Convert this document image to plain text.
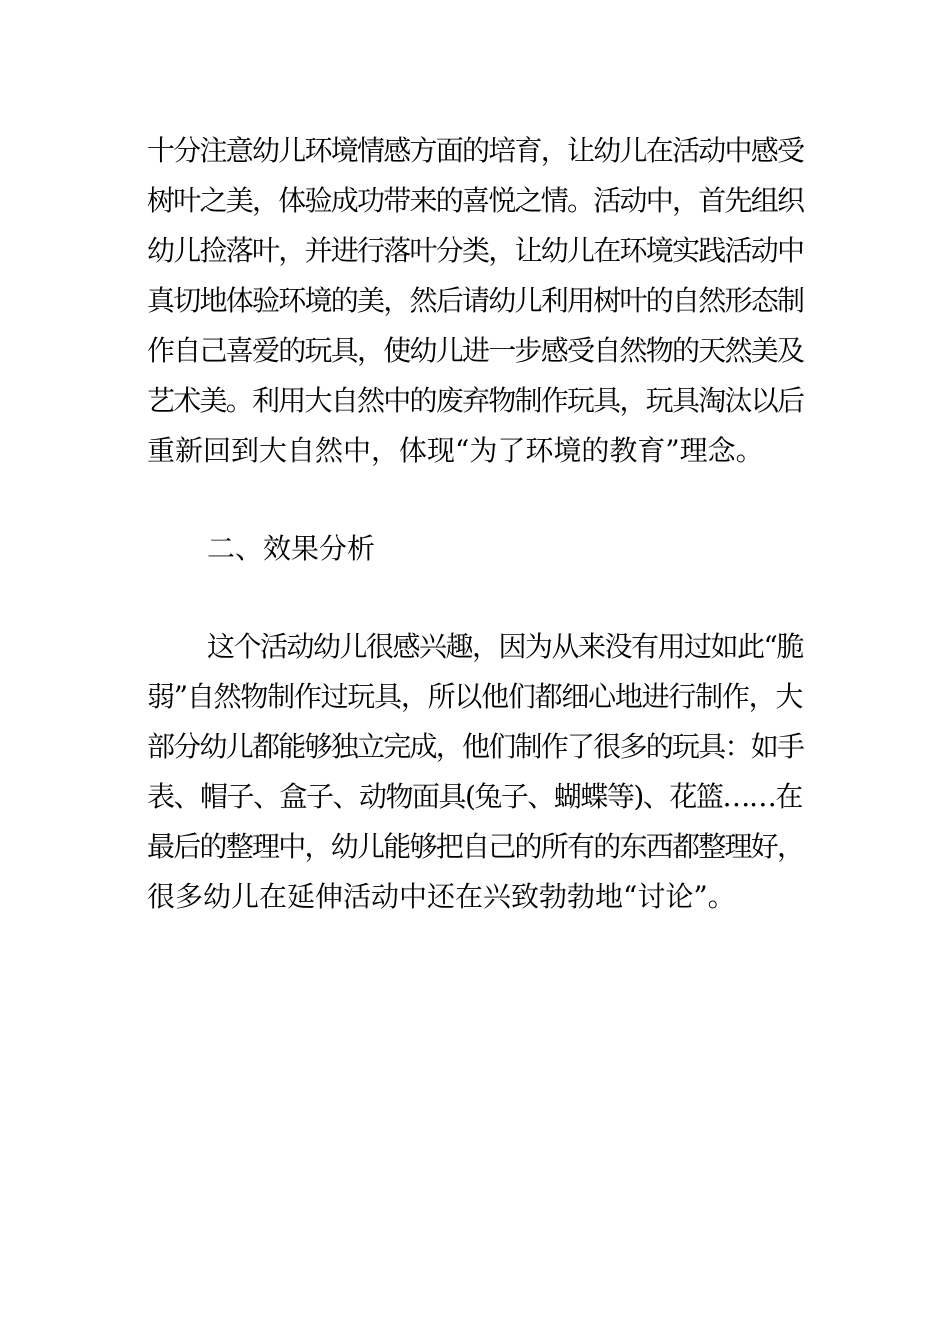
十分注意幼儿环境情感方面的培育，让幼儿在活动中感受
树叶之美，体验成功带来的喜悦之情。活动中，首先组织
幼儿捡落叶，并进行落叶分类，让幼儿在环境实践活动中
真切地体验环境的美，然后请幼儿利用树叶的自然形态制
作自己喜爱的玩具，使幼儿进一步感受自然物的天然美及
艺术美。利用大自然中的废弃物制作玩具，玩具淘汰以后
重新回到大自然中，体现“为了环境的教育”理念。
二、效果分析
这个活动幼儿很感兴趣，因为从来没有用过如此“脆
弱”自然物制作过玩具，所以他们都细心地进行制作，大
部分幼儿都能够独立完成，他们制作了很多的玩具：如手
表、帽子、盒子、动物面具(兔子、蝴蝶等)、花篮……在
最后的整理中，幼儿能够把自己的所有的东西都整理好，
很多幼儿在延伸活动中还在兴致勃勃地“讨论”。
